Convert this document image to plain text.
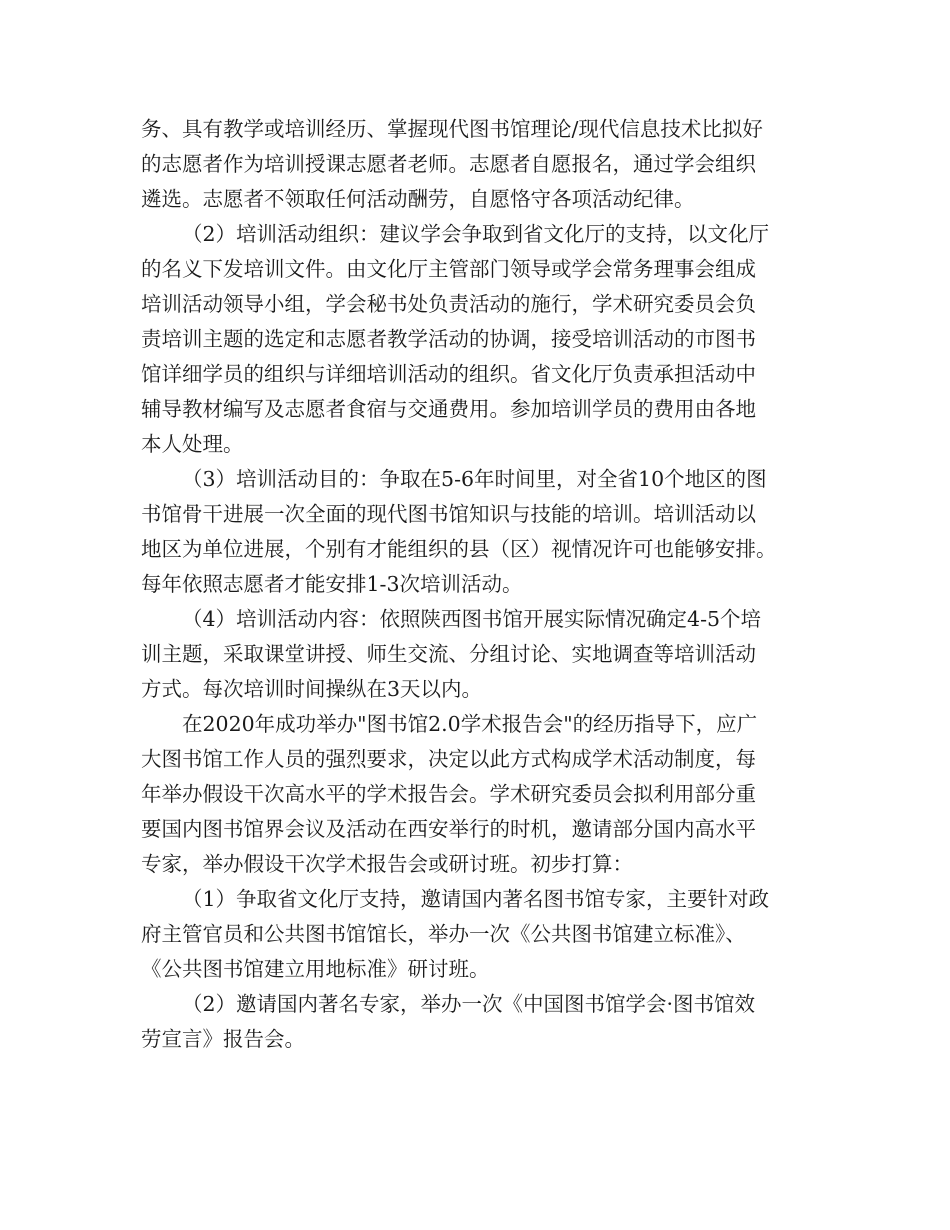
务、具有教学或培训经历、掌握现代图书馆理论/现代信息技术比拟好
的志愿者作为培训授课志愿者老师。志愿者自愿报名，通过学会组织
遴选。志愿者不领取任何活动酬劳，自愿恪守各项活动纪律。

（2）培训活动组织：建议学会争取到省文化厅的支持，以文化厅
的名义下发培训文件。由文化厅主管部门领导或学会常务理事会组成
培训活动领导小组，学会秘书处负责活动的施行，学术研究委员会负
责培训主题的选定和志愿者教学活动的协调，接受培训活动的市图书
馆详细学员的组织与详细培训活动的组织。省文化厅负责承担活动中
辅导教材编写及志愿者食宿与交通费用。参加培训学员的费用由各地
本人处理。

（3）培训活动目的：争取在5-6年时间里，对全省10个地区的图
书馆骨干进展一次全面的现代图书馆知识与技能的培训。培训活动以
地区为单位进展，个别有才能组织的县（区）视情况许可也能够安排。
每年依照志愿者才能安排1-3次培训活动。

（4）培训活动内容：依照陕西图书馆开展实际情况确定4-5个培
训主题，采取课堂讲授、师生交流、分组讨论、实地调查等培训活动
方式。每次培训时间操纵在3天以内。

在2020年成功举办"图书馆2.0学术报告会"的经历指导下，应广
大图书馆工作人员的强烈要求，决定以此方式构成学术活动制度，每
年举办假设干次高水平的学术报告会。学术研究委员会拟利用部分重
要国内图书馆界会议及活动在西安举行的时机，邀请部分国内高水平
专家，举办假设干次学术报告会或研讨班。初步打算：

（1）争取省文化厅支持，邀请国内著名图书馆专家，主要针对政
府主管官员和公共图书馆馆长，举办一次《公共图书馆建立标准》、
《公共图书馆建立用地标准》研讨班。

（2）邀请国内著名专家，举办一次《中国图书馆学会·图书馆效
劳宣言》报告会。
